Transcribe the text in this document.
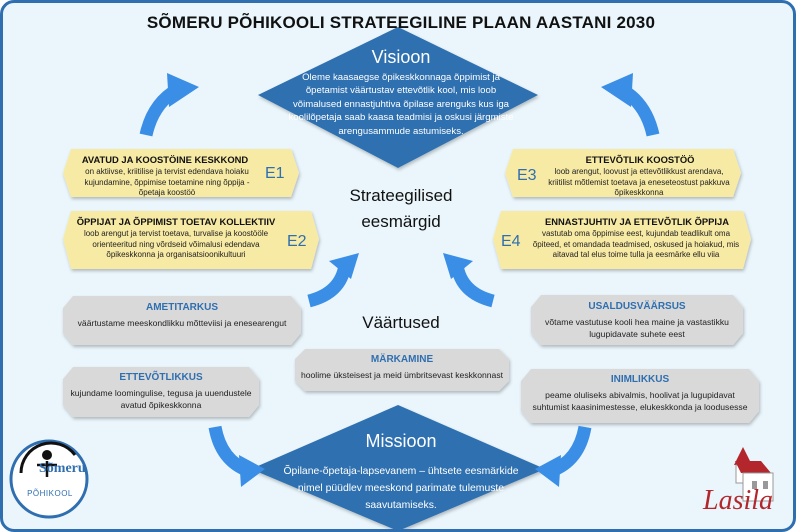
SÕMERU PÕHIKOOLI STRATEEGILINE PLAAN AASTANI 2030
Visioon
Oleme kaasaegse õpikeskkonnaga õppimist ja õpetamist väärtustav ettevõtlik kool, mis loob võimalused ennastjuhtiva õpilase arenguks kus iga koolilõpetaja saab kaasa teadmisi ja oskusi järgmiste arengusammude astumiseks.
Strateegilised eesmärgid
AVATUD JA KOOSTÖINE KESKKOND
on aktiivse, kriitilise ja tervist edendava hoiaku kujundamine, õppimise toetamine ning õppija - õpetaja koostöö
E1
ÕPPIJAT JA ÕPPIMIST TOETAV KOLLEKTIIV
loob arengut ja tervist toetava, turvalise ja koostööle orienteeritud ning võrdseid võimalusi edendava õpikeskkonna ja organisatsioonikultuuri
E2
E3
ETTEVÕTLIK KOOSTÖÖ
loob arengut, loovust ja ettevõtlikkust arendava, kriitilist mõtlemist toetava ja eneseteostust pakkuva õpikeskkonna
E4
ENNASTJUHTIV JA ETTEVÕTLIK ÕPPIJA
vastutab oma õppimise eest, kujundab teadlikult oma õpiteed, et omandada teadmised, oskused ja hoiakud, mis aitavad tal elus toime tulla ja eesmärke ellu viia
Väärtused
AMETITARKUS
väärtustame meeskondlikku mõtteviisi ja enesearengut
USALDUSVÄÄRSUS
võtame vastutuse kooli hea maine ja vastastikku lugupidavate suhete eest
MÄRKAMINE
hoolime üksteisest ja meid ümbritsevast keskkonnast
ETTEVÕTLIKKUS
kujundame loomingulise, tegusa ja uuendustele avatud õpikeskkonna
INIMLIKKUS
peame oluliseks abivalmis, hoolivat ja lugupidavat suhtumist kaasinimestesse, elukeskkonda ja loodusesse
Missioon
Õpilane-õpetaja-lapsevanem – ühtsete eesmärkide nimel püüdlev meeskond parimate tulemuste saavutamiseks.
Sõmeru
PÕHIKOOL	Lasila
